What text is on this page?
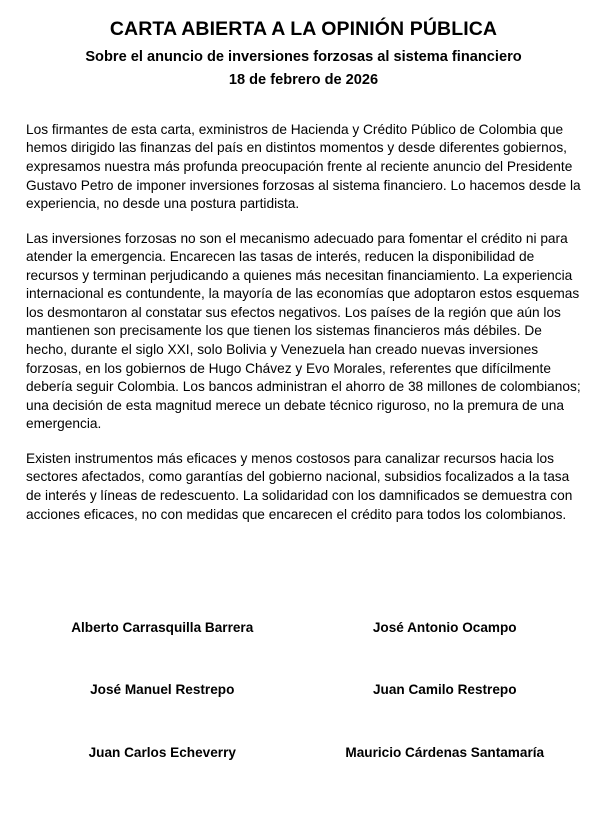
CARTA ABIERTA A LA OPINIÓN PÚBLICA
Sobre el anuncio de inversiones forzosas al sistema financiero
18 de febrero de 2026

Los firmantes de esta carta, exministros de Hacienda y Crédito Público de Colombia que hemos dirigido las finanzas del país en distintos momentos y desde diferentes gobiernos, expresamos nuestra más profunda preocupación frente al reciente anuncio del Presidente Gustavo Petro de imponer inversiones forzosas al sistema financiero. Lo hacemos desde la experiencia, no desde una postura partidista.

Las inversiones forzosas no son el mecanismo adecuado para fomentar el crédito ni para atender la emergencia. Encarecen las tasas de interés, reducen la disponibilidad de recursos y terminan perjudicando a quienes más necesitan financiamiento. La experiencia internacional es contundente, la mayoría de las economías que adoptaron estos esquemas los desmontaron al constatar sus efectos negativos. Los países de la región que aún los mantienen son precisamente los que tienen los sistemas financieros más débiles. De hecho, durante el siglo XXI, solo Bolivia y Venezuela han creado nuevas inversiones forzosas, en los gobiernos de Hugo Chávez y Evo Morales, referentes que difícilmente debería seguir Colombia. Los bancos administran el ahorro de 38 millones de colombianos; una decisión de esta magnitud merece un debate técnico riguroso, no la premura de una emergencia.

Existen instrumentos más eficaces y menos costosos para canalizar recursos hacia los sectores afectados, como garantías del gobierno nacional, subsidios focalizados a la tasa de interés y líneas de redescuento. La solidaridad con los damnificados se demuestra con acciones eficaces, no con medidas que encarecen el crédito para todos los colombianos.

Alberto Carrasquilla Barrera	José Antonio Ocampo
José Manuel Restrepo	Juan Camilo Restrepo
Juan Carlos Echeverry	Mauricio Cárdenas Santamaría
